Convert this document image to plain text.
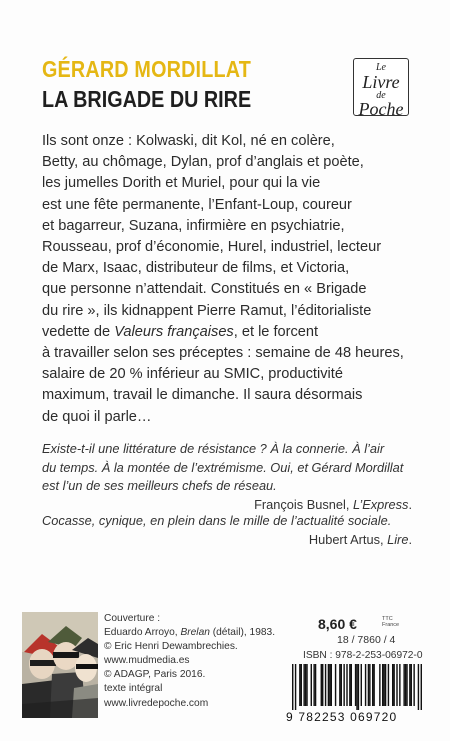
GÉRARD MORDILLAT
LA BRIGADE DU RIRE
Le
Livre
de
Poche

Ils sont onze : Kolwaski, dit Kol, né en colère,

Betty, au chômage, Dylan, prof d’anglais et poète,

les jumelles Dorith et Muriel, pour qui la vie

est une fête permanente, l’Enfant-Loup, coureur

et bagarreur, Suzana, infirmière en psychiatrie,

Rousseau, prof d’économie, Hurel, industriel, lecteur

de Marx, Isaac, distributeur de films, et Victoria,

que personne n’attendait. Constitués en « Brigade

du rire », ils kidnappent Pierre Ramut, l’éditorialiste

vedette de Valeurs françaises, et le forcent

à travailler selon ses préceptes : semaine de 48 heures,

salaire de 20 % inférieur au SMIC, productivité

maximum, travail le dimanche. Il saura désormais

de quoi il parle…

Existe-t-il une littérature de résistance ? À la connerie. À l’air

du temps. À la montée de l’extrémisme. Oui, et Gérard Mordillat

est l’un de ses meilleurs chefs de réseau.

François Busnel, L’Express.

Cocasse, cynique, en plein dans le mille de l’actualité sociale.

Hubert Artus, Lire.

Couverture :
Eduardo Arroyo, Brelan (détail), 1983.
© Eric Henri Dewambrechies.
www.mudmedia.es
© ADAGP, Paris 2016.
texte intégral
www.livredepoche.com
8,60 €	TTC
France
18 / 7860 / 4
ISBN : 978-2-253-06972-0
9 782253 069720
